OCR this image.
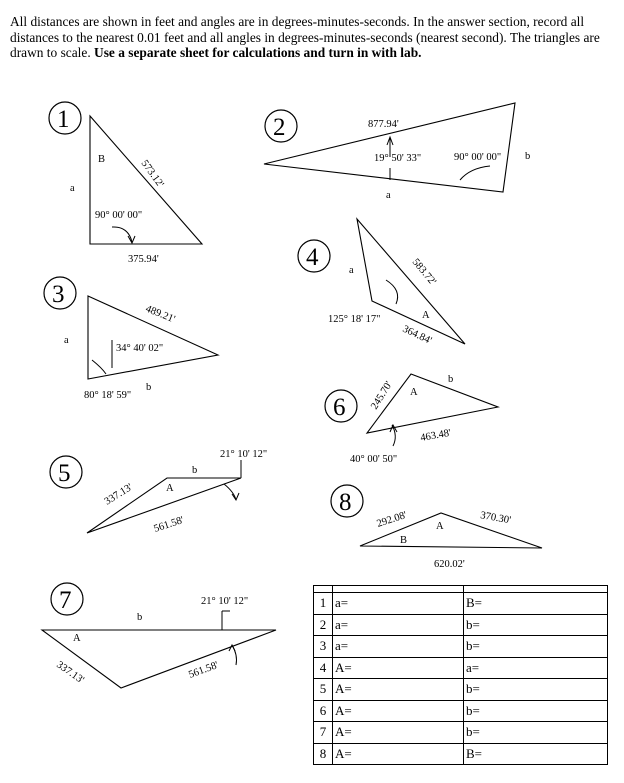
All distances are shown in feet and angles are in degrees-minutes-seconds. In the answer section, record all distances to the nearest 0.01 feet and all angles in degrees-minutes-seconds (nearest second). The triangles are drawn to scale. Use a separate sheet for calculations and turn in with lab.
1
B
a	573.12'
90° 00' 00"
375.94'
2	877.94'
19° 50' 33"	90° 00' 00" b
a
3
a
489.21'
34° 40' 02"
80° 18' 59"
b
4	a	583.72'
A
364.84'
125° 18' 17"
5
21° 10' 12"
b
A
337.13'
561.58'
6 245.70'
b
A
463.48'
40° 00' 50"
7	21° 10' 12"
b
A
337.13'	561.58'
8
292.08'	A
370.30'
B
620.02'

1	a=	B=
2	a=	b=
3	a=	b=
4	A=	a=
5	A=	b=
6	A=	b=
7	A=	b=
8	A=	B=
